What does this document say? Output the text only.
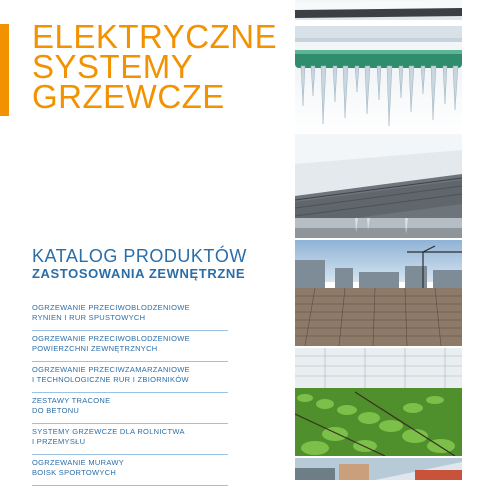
ELEKTRYCZNE
SYSTEMY
GRZEWCZE
KATALOG PRODUKTÓW
ZASTOSOWANIA ZEWNĘTRZNE
OGRZEWANIE PRZECIWOBLODZENIOWE
RYNIEN I RUR SPUSTOWYCH
OGRZEWANIE PRZECIWOBLODZENIOWE
POWIERZCHNI ZEWNĘTRZNYCH
OGRZEWANIE PRZECIWZAMARZANIOWE
I TECHNOLOGICZNE RUR I ZBIORNIKÓW
ZESTAWY TRACONE
DO BETONU
SYSTEMY GRZEWCZE DLA ROLNICTWA
I PRZEMYSŁU
OGRZEWANIE MURAWY
BOISK SPORTOWYCH
